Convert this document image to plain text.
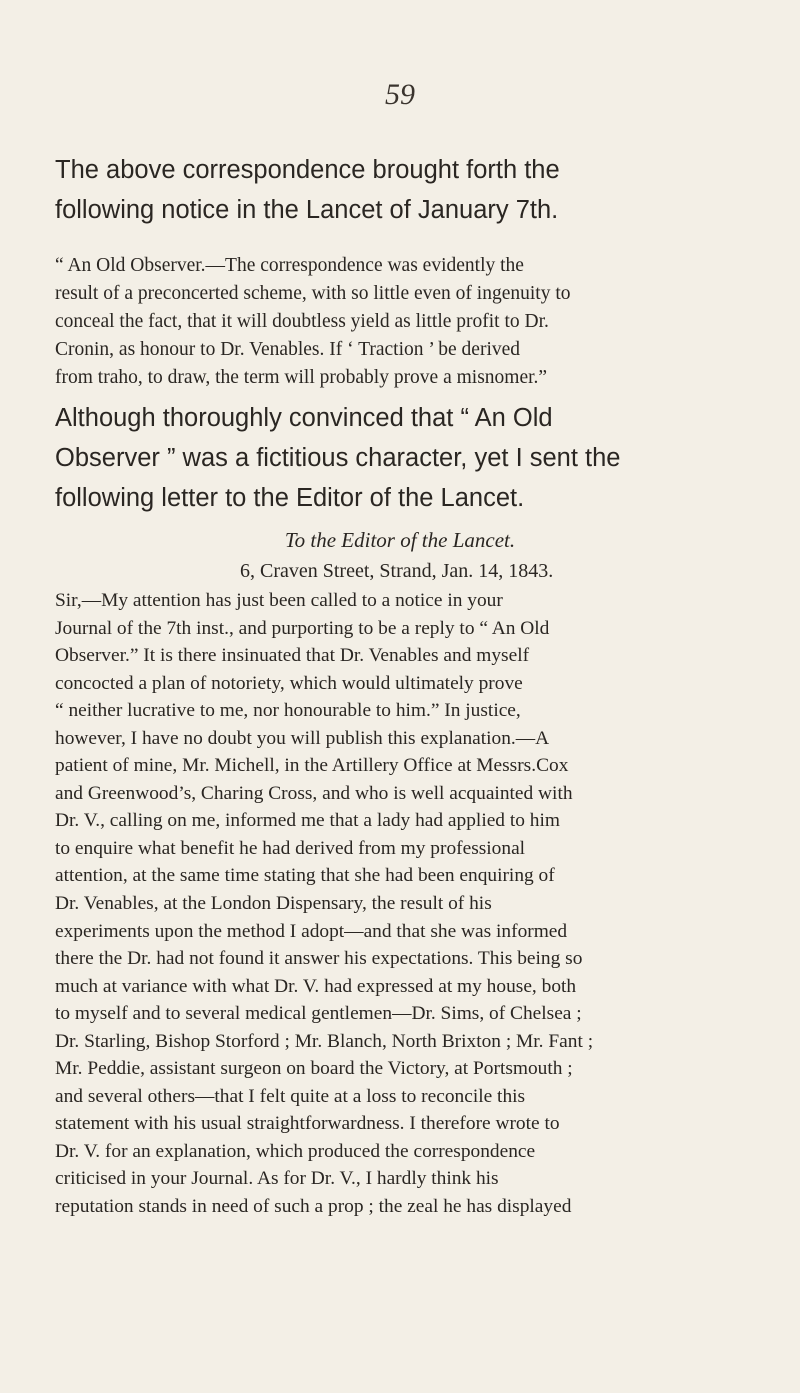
59
The above correspondence brought forth the
following notice in the Lancet of January 7th.
“ An Old Observer.—The correspondence was evidently the
result of a preconcerted scheme, with so little even of ingenuity to
conceal the fact, that it will doubtless yield as little profit to Dr.
Cronin, as honour to Dr. Venables. If ‘ Traction ’ be derived
from traho, to draw, the term will probably prove a misnomer.”
Although thoroughly convinced that “ An Old
Observer ” was a fictitious character, yet I sent the
following letter to the Editor of the Lancet.
To the Editor of the Lancet.
6, Craven Street, Strand, Jan. 14, 1843.
Sir,—My attention has just been called to a notice in your
Journal of the 7th inst., and purporting to be a reply to “ An Old
Observer.” It is there insinuated that Dr. Venables and myself
concocted a plan of notoriety, which would ultimately prove
“ neither lucrative to me, nor honourable to him.” In justice,
however, I have no doubt you will publish this explanation.—A
patient of mine, Mr. Michell, in the Artillery Office at Messrs.Cox
and Greenwood’s, Charing Cross, and who is well acquainted with
Dr. V., calling on me, informed me that a lady had applied to him
to enquire what benefit he had derived from my professional
attention, at the same time stating that she had been enquiring of
Dr. Venables, at the London Dispensary, the result of his
experiments upon the method I adopt—and that she was informed
there the Dr. had not found it answer his expectations. This being so
much at variance with what Dr. V. had expressed at my house, both
to myself and to several medical gentlemen—Dr. Sims, of Chelsea ;
Dr. Starling, Bishop Storford ; Mr. Blanch, North Brixton ; Mr. Fant ;
Mr. Peddie, assistant surgeon on board the Victory, at Portsmouth ;
and several others—that I felt quite at a loss to reconcile this
statement with his usual straightforwardness. I therefore wrote to
Dr. V. for an explanation, which produced the correspondence
criticised in your Journal. As for Dr. V., I hardly think his
reputation stands in need of such a prop ; the zeal he has displayed
